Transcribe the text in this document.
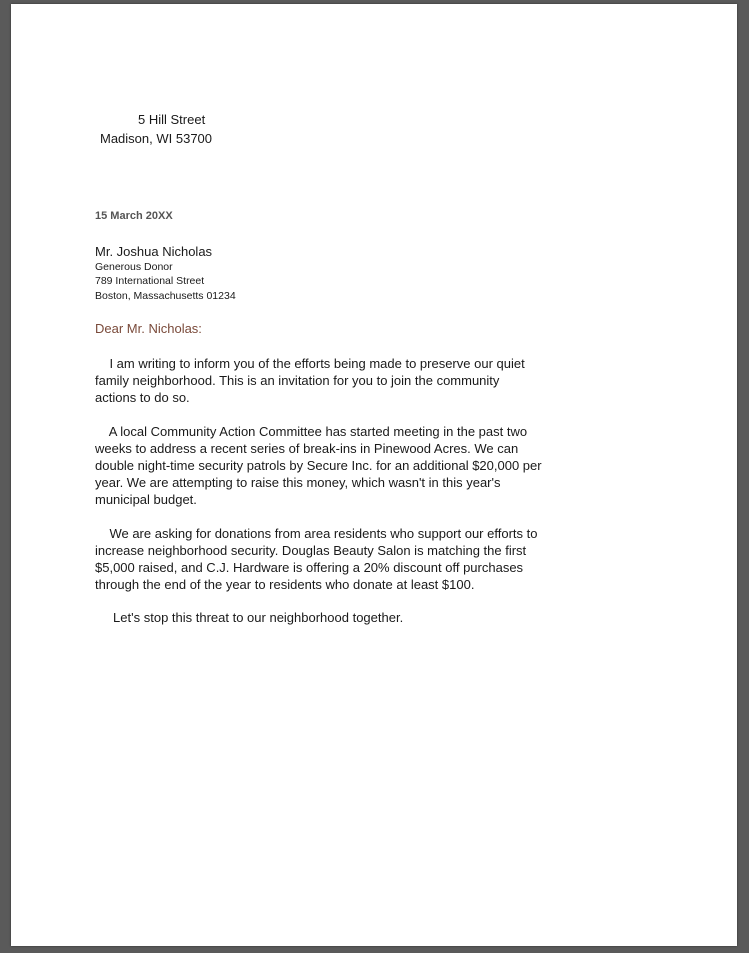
5 Hill Street
Madison, WI 53700
15 March 20XX
Mr. Joshua Nicholas
Generous Donor
789 International Street
Boston, Massachusetts 01234
Dear Mr. Nicholas:
I am writing to inform you of the efforts being made to preserve our quiet
family neighborhood. This is an invitation for you to join the community
actions to do so.
A local Community Action Committee has started meeting in the past two
weeks to address a recent series of break-ins in Pinewood Acres. We can
double night-time security patrols by Secure Inc. for an additional $20,000 per
year. We are attempting to raise this money, which wasn't in this year's
municipal budget.
We are asking for donations from area residents who support our efforts to
increase neighborhood security. Douglas Beauty Salon is matching the first
$5,000 raised, and C.J. Hardware is offering a 20% discount off purchases
through the end of the year to residents who donate at least $100.
Let's stop this threat to our neighborhood together.
